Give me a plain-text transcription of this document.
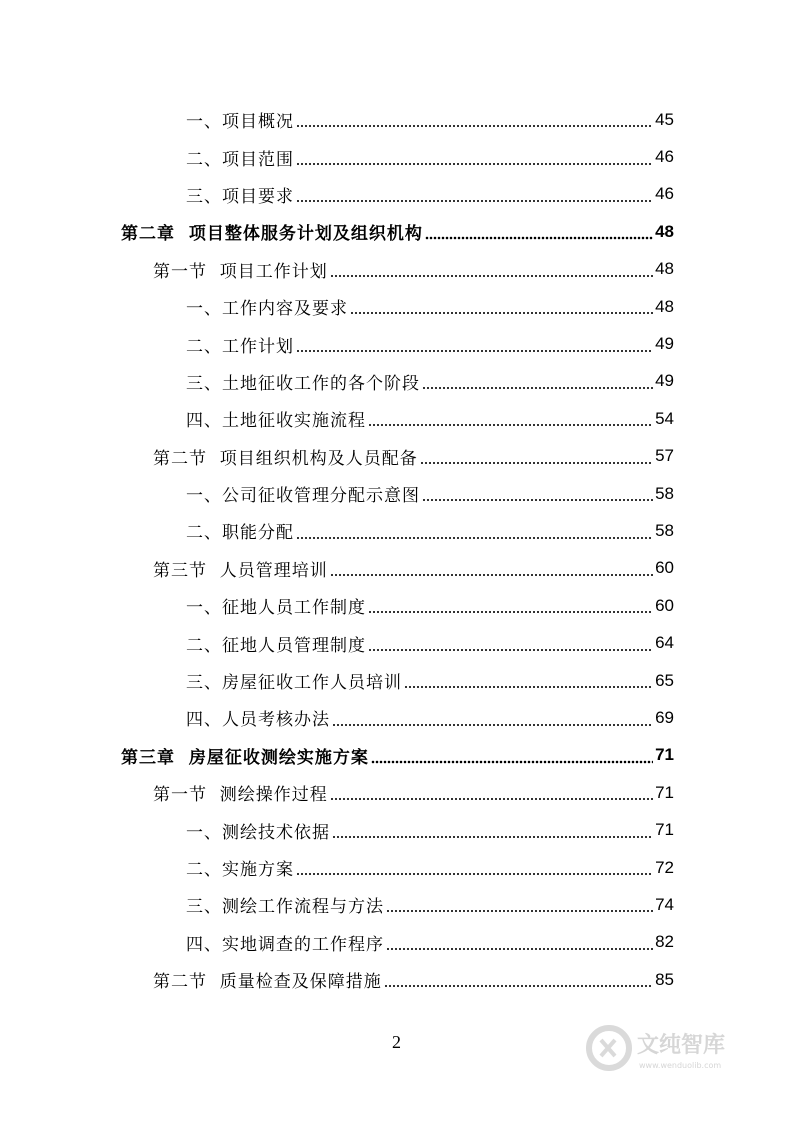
一、项目概况	45
二、项目范围	46
三、项目要求	46
第二章  项目整体服务计划及组织机构	48
第一节  项目工作计划	48
一、工作内容及要求	48
二、工作计划	49
三、土地征收工作的各个阶段	49
四、土地征收实施流程	54
第二节  项目组织机构及人员配备	57
一、公司征收管理分配示意图	58
二、职能分配	58
第三节  人员管理培训	60
一、征地人员工作制度	60
二、征地人员管理制度	64
三、房屋征收工作人员培训	65
四、人员考核办法	69
第三章  房屋征收测绘实施方案	71
第一节  测绘操作过程	71
一、测绘技术依据	71
二、实施方案	72
三、测绘工作流程与方法	74
四、实地调查的工作程序	82
第二节  质量检查及保障措施	85
2	文纯智库
www.wenduolib.com
